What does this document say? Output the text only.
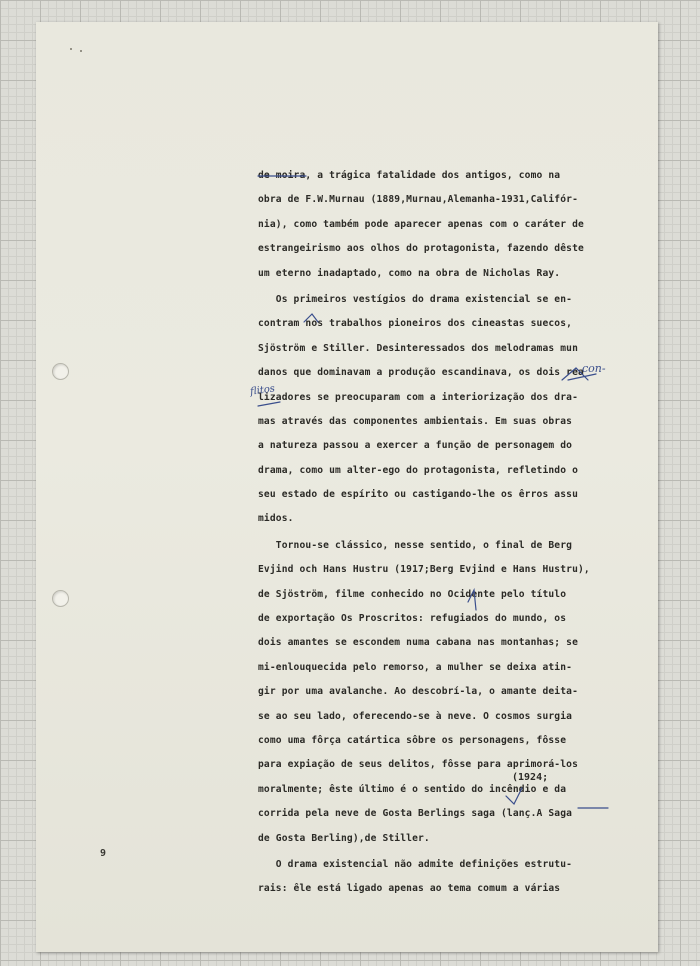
de moira, a trágica fatalidade dos antigos, como na
obra de F.W.Murnau (1889,Murnau,Alemanha-1931,Califór-
nia), como também pode aparecer apenas com o caráter de
estrangeirismo aos olhos do protagonista, fazendo dêste
um eterno inadaptado, como na obra de Nicholas Ray.
Os primeiros vestígios do drama existencial se en-
contram nos trabalhos pioneiros dos cineastas suecos,
Sjöström e Stiller. Desinteressados dos melodramas mun
danos que dominavam a produção escandinava, os dois rea
lizadores se preocuparam com a interiorização dos dra-
mas através das componentes ambientais. Em suas obras
a natureza passou a exercer a função de personagem do
drama, como um alter-ego do protagonista, refletindo o
seu estado de espírito ou castigando-lhe os êrros assu
midos.
Tornou-se clássico, nesse sentido, o final de Berg
Evjind och Hans Hustru (1917;Berg Evjind e Hans Hustru),
de Sjöström, filme conhecido no Ocidente pelo título
de exportação Os Proscritos: refugiados do mundo, os
dois amantes se escondem numa cabana nas montanhas; se
mi-enlouquecida pelo remorso, a mulher se deixa atin-
gir por uma avalanche. Ao descobrí-la, o amante deita-
se ao seu lado, oferecendo-se à neve. O cosmos surgia
como uma fôrça catártica sôbre os personagens, fôsse
para expiação de seus delitos, fôsse para aprimorá-los
moralmente; êste último é o sentido do incêndio e da
corrida pela neve de Gosta Berlings saga (lanç.A Saga
de Gosta Berling),de Stiller.
O drama existencial não admite definições estrutu-
rais: êle está ligado apenas ao tema comum a várias
con-
flitos
(1924;
9
